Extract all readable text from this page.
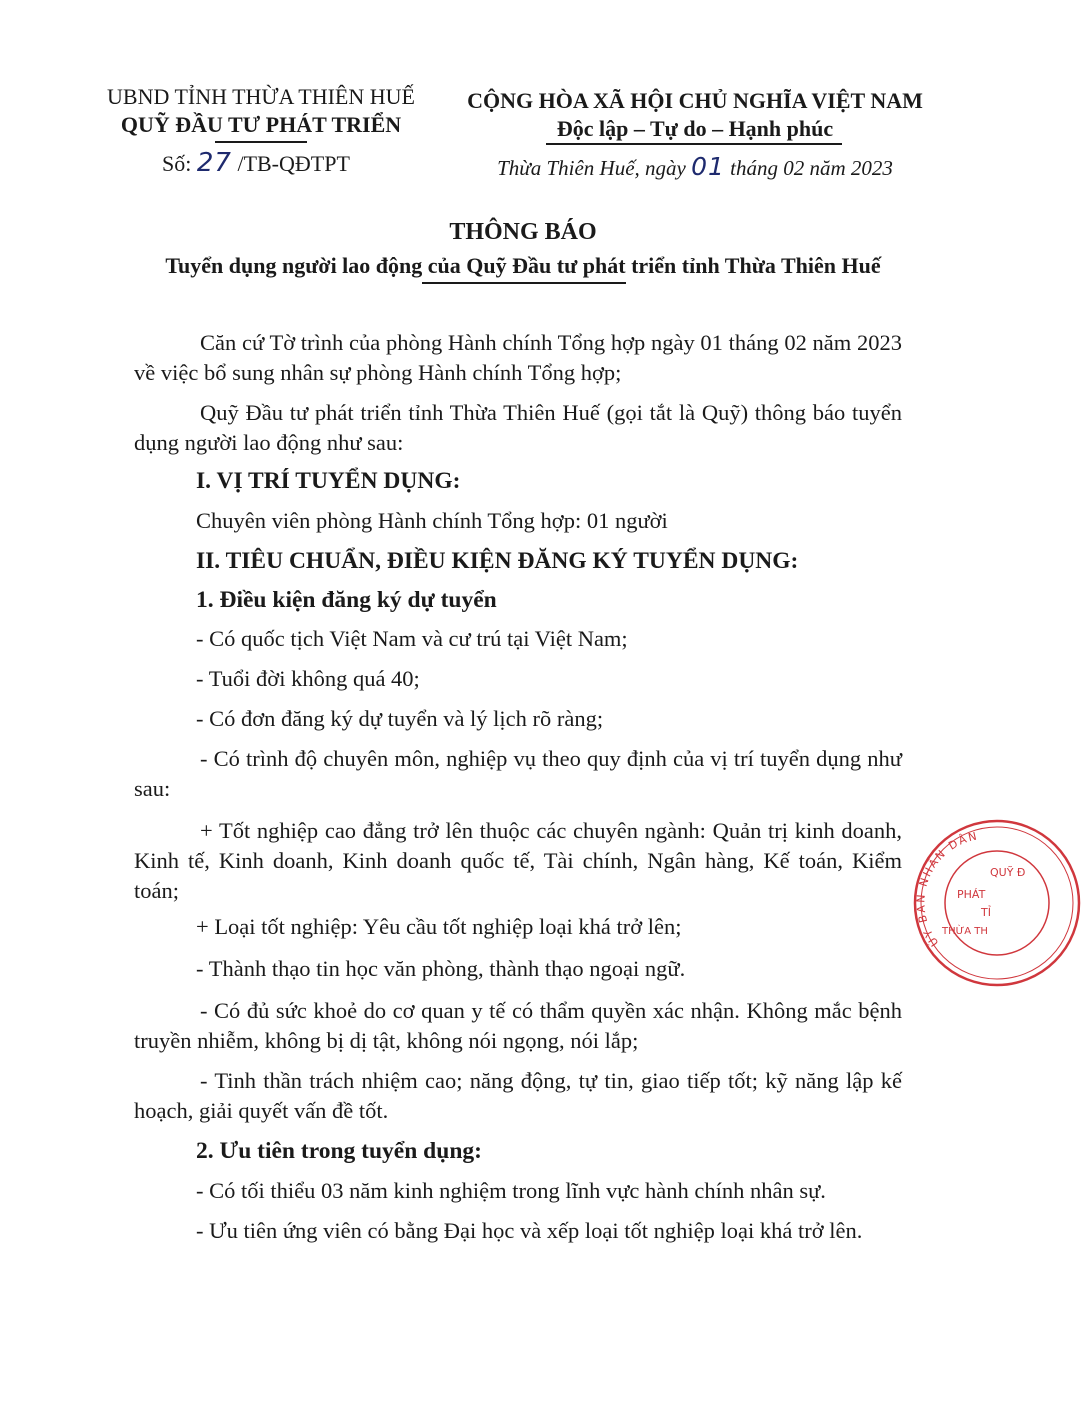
UBND TỈNH THỪA THIÊN HUẾ
QUỸ ĐẦU TƯ PHÁT TRIỂN
Số: 27 /TB-QĐTPT
CỘNG HÒA XÃ HỘI CHỦ NGHĨA VIỆT NAM
Độc lập – Tự do – Hạnh phúc
Thừa Thiên Huế, ngày 01 tháng 02 năm 2023
THÔNG BÁO
Tuyển dụng người lao động của Quỹ Đầu tư phát triển tỉnh Thừa Thiên Huế
Căn cứ Tờ trình của phòng Hành chính Tổng hợp ngày 01 tháng 02 năm 2023 về việc bổ sung nhân sự phòng Hành chính Tổng hợp;
Quỹ Đầu tư phát triển tỉnh Thừa Thiên Huế (gọi tắt là Quỹ) thông báo tuyển dụng người lao động như sau:
I. VỊ TRÍ TUYỂN DỤNG:
Chuyên viên phòng Hành chính Tổng hợp: 01 người
II. TIÊU CHUẨN, ĐIỀU KIỆN ĐĂNG KÝ TUYỂN DỤNG:
1. Điều kiện đăng ký dự tuyển
- Có quốc tịch Việt Nam và cư trú tại Việt Nam;
- Tuổi đời không quá 40;
- Có đơn đăng ký dự tuyển và lý lịch rõ ràng;
- Có trình độ chuyên môn, nghiệp vụ theo quy định của vị trí tuyển dụng như sau:
+ Tốt nghiệp cao đẳng trở lên thuộc các chuyên ngành: Quản trị kinh doanh, Kinh tế, Kinh doanh, Kinh doanh quốc tế, Tài chính, Ngân hàng, Kế toán, Kiểm toán;
+ Loại tốt nghiệp: Yêu cầu tốt nghiệp loại khá trở lên;
- Thành thạo tin học văn phòng, thành thạo ngoại ngữ.
- Có đủ sức khoẻ do cơ quan y tế có thẩm quyền xác nhận. Không mắc bệnh truyền nhiễm, không bị dị tật, không nói ngọng, nói lắp;
- Tinh thần trách nhiệm cao; năng động, tự tin, giao tiếp tốt; kỹ năng lập kế hoạch, giải quyết vấn đề tốt.
2. Ưu tiên trong tuyển dụng:
- Có tối thiểu 03 năm kinh nghiệm trong lĩnh vực hành chính nhân sự.
- Ưu tiên ứng viên có bằng Đại học và xếp loại tốt nghiệp loại khá trở lên.
ỦY BAN NHÂN DÂN
QUỸ Đ
PHÁT
TỈ
THỪA TH
